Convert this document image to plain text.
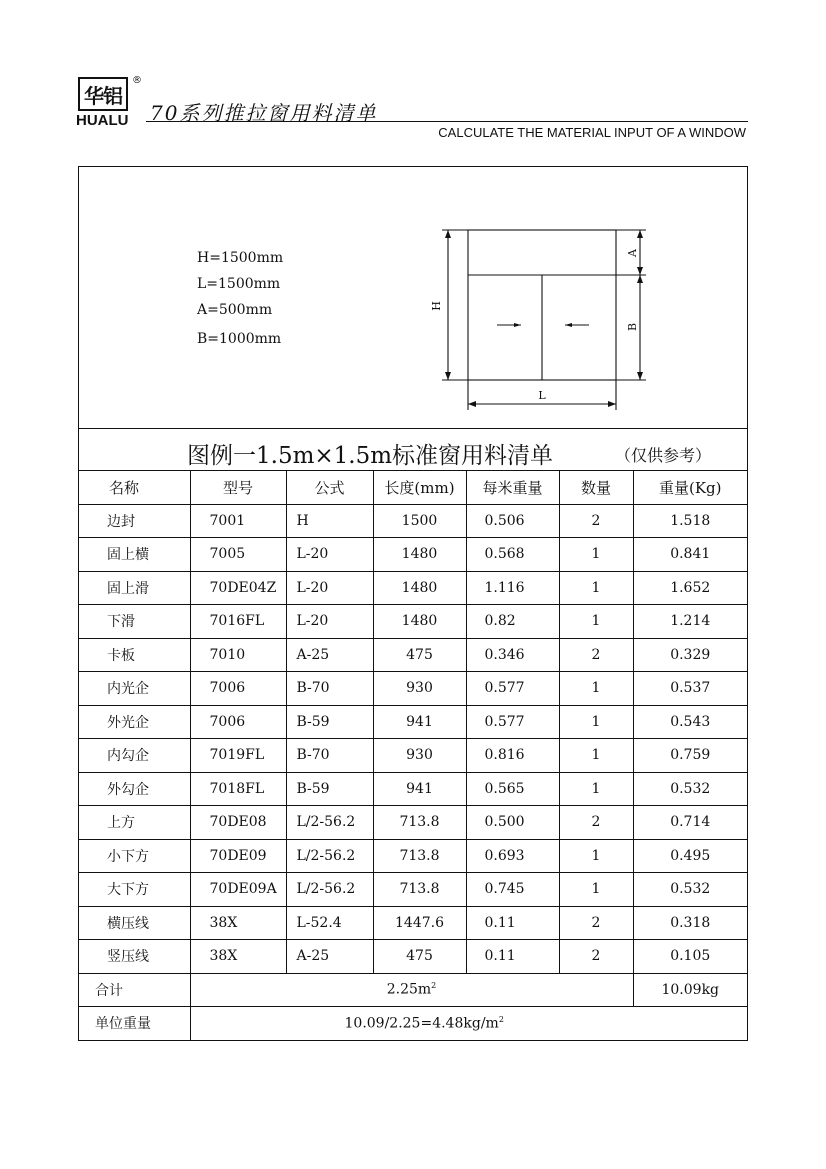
华铝
®
HUALU 70系列推拉窗用料清单
CALCULATE THE MATERIAL INPUT OF A WINDOW
H=1500mm
L=1500mm
A=500mm
B=1000mm
H
A
B
L
图例一1.5m×1.5m标准窗用料清单	（仅供参考）
名称	型号	公式	长度(mm)	每米重量	数量	重量(Kg)
边封	7001	H	1500	0.506	2	1.518
固上横	7005	L-20	1480	0.568	1	0.841
固上滑	70DE04Z	L-20	1480	1.116	1	1.652
下滑	7016FL	L-20	1480	0.82	1	1.214
卡板	7010	A-25	475	0.346	2	0.329
内光企	7006	B-70	930	0.577	1	0.537
外光企	7006	B-59	941	0.577	1	0.543
内勾企	7019FL	B-70	930	0.816	1	0.759
外勾企	7018FL	B-59	941	0.565	1	0.532
上方	70DE08	L/2-56.2	713.8	0.500	2	0.714
小下方	70DE09	L/2-56.2	713.8	0.693	1	0.495
大下方	70DE09A	L/2-56.2	713.8	0.745	1	0.532
横压线	38X	L-52.4	1447.6	0.11	2	0.318
竖压线	38X	A-25	475	0.11	2	0.105
合计	$2.25m^2$					10.09kg
单位重量	$10.09/2.25=4.48kg/m^2$
